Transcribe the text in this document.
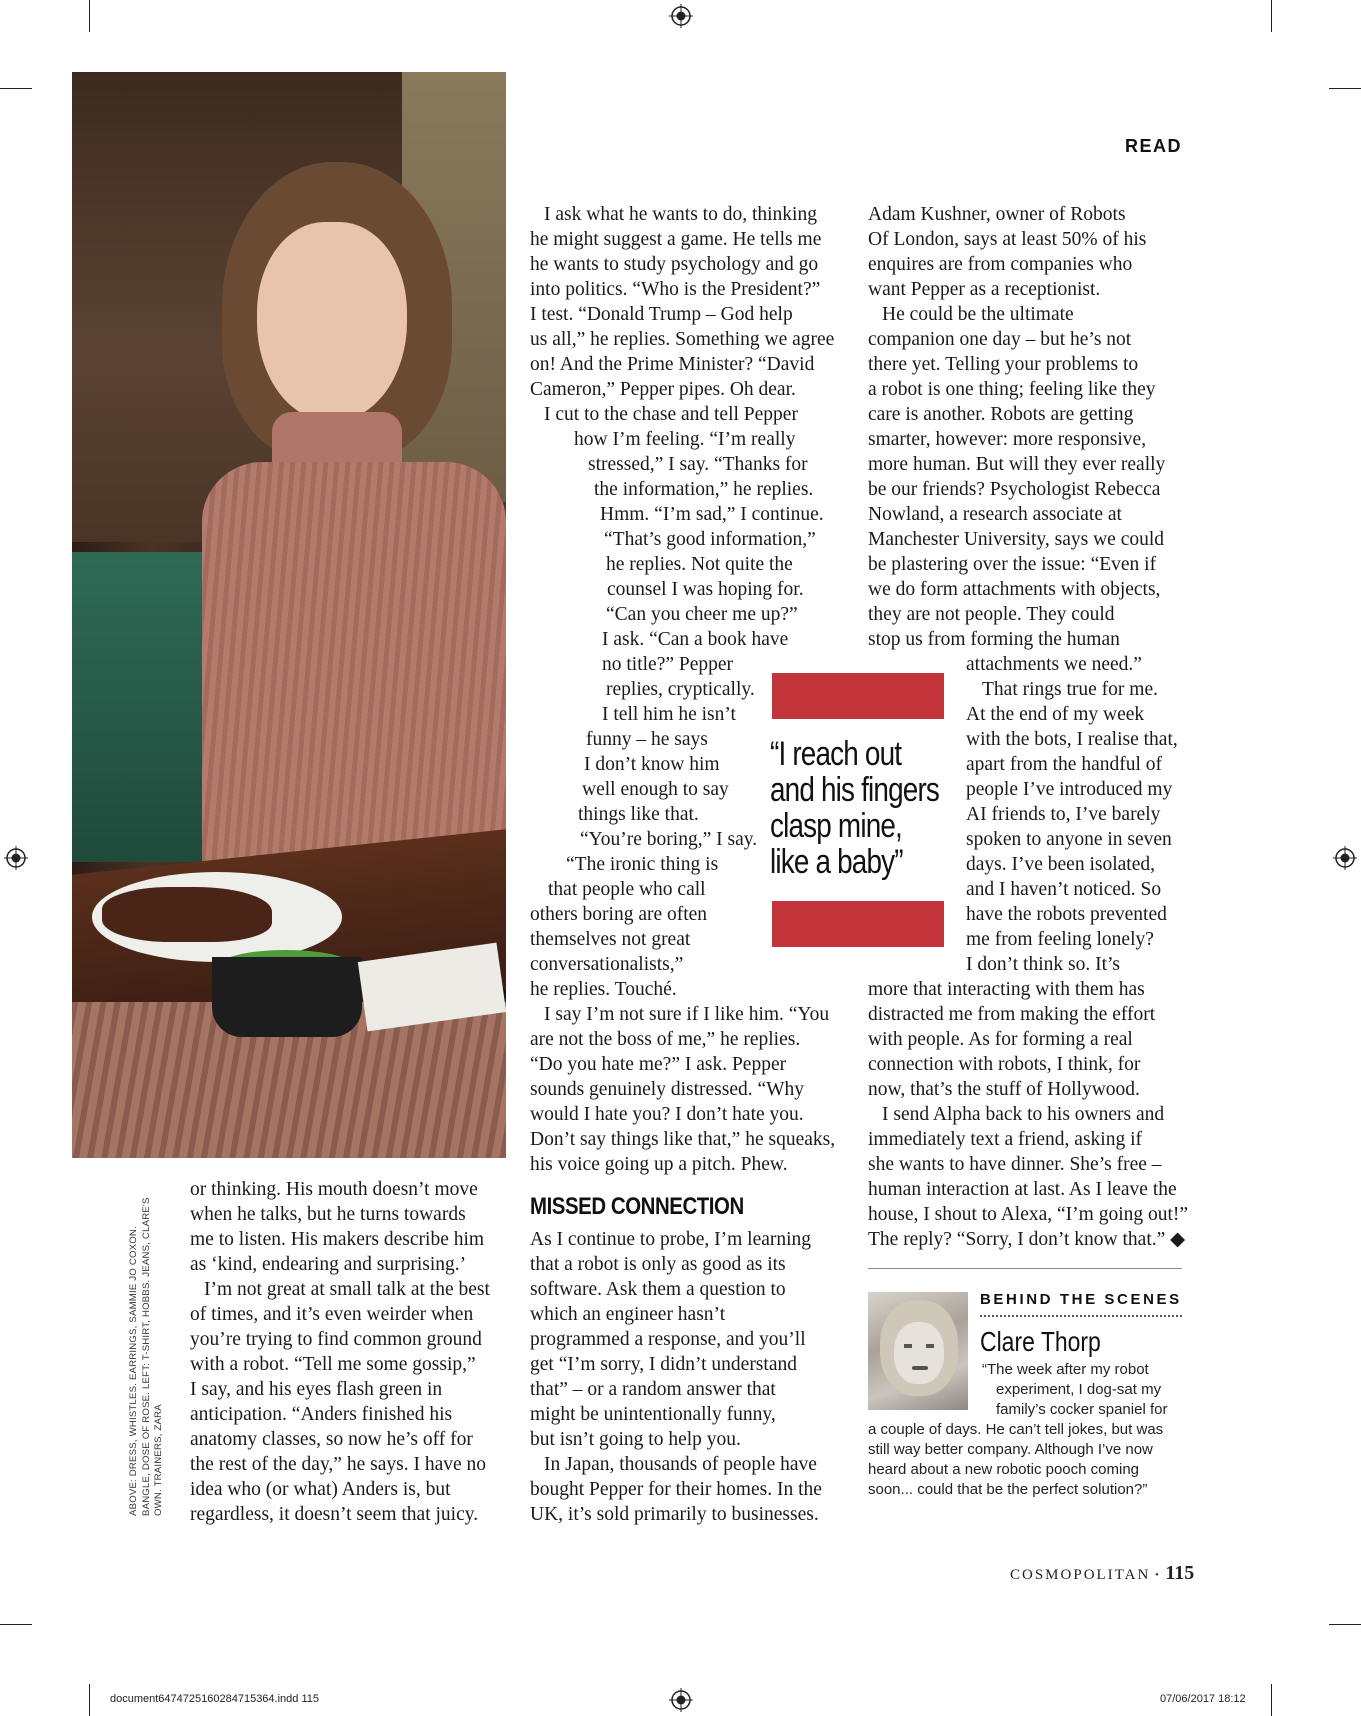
READ
ABOVE: DRESS, WHISTLES. EARRINGS, SAMMIE JO COXON. BANGLE, DOSE OF ROSE. LEFT: T-SHIRT, HOBBS. JEANS, CLARE'S OWN. TRAINERS, ZARA

or thinking. His mouth doesn’t move
when he talks, but he turns towards
me to listen. His makers describe him
as ‘kind, endearing and surprising.’
I’m not great at small talk at the best
of times, and it’s even weirder when
you’re trying to find common ground
with a robot. “Tell me some gossip,”
I say, and his eyes flash green in
anticipation. “Anders finished his
anatomy classes, so now he’s off for
the rest of the day,” he says. I have no
idea who (or what) Anders is, but
regardless, it doesn’t seem that juicy.

I ask what he wants to do, thinking
he might suggest a game. He tells me
he wants to study psychology and go
into politics. “Who is the President?”
I test. “Donald Trump – God help
us all,” he replies. Something we agree
on! And the Prime Minister? “David
Cameron,” Pepper pipes. Oh dear.
I cut to the chase and tell Pepper
how I’m feeling. “I’m really
stressed,” I say. “Thanks for
the information,” he replies.
Hmm. “I’m sad,” I continue.
“That’s good information,”
he replies. Not quite the
counsel I was hoping for.
“Can you cheer me up?”
I ask. “Can a book have
no title?” Pepper
replies, cryptically.
I tell him he isn’t
funny – he says
I don’t know him
well enough to say
things like that.
“You’re boring,” I say.
“The ironic thing is
that people who call
others boring are often
themselves not great
conversationalists,”
he replies. Touché.
I say I’m not sure if I like him. “You
are not the boss of me,” he replies.
“Do you hate me?” I ask. Pepper
sounds genuinely distressed. “Why
would I hate you? I don’t hate you.
Don’t say things like that,” he squeaks,
his voice going up a pitch. Phew.
MISSED CONNECTION
As I continue to probe, I’m learning
that a robot is only as good as its
software. Ask them a question to
which an engineer hasn’t
programmed a response, and you’ll
get “I’m sorry, I didn’t understand
that” – or a random answer that
might be unintentionally funny,
but isn’t going to help you.
In Japan, thousands of people have
bought Pepper for their homes. In the
UK, it’s sold primarily to businesses.
“I reach out
and his fingers
clasp mine,
like a baby”
Adam Kushner, owner of Robots
Of London, says at least 50% of his
enquires are from companies who
want Pepper as a receptionist.
He could be the ultimate
companion one day – but he’s not
there yet. Telling your problems to
a robot is one thing; feeling like they
care is another. Robots are getting
smarter, however: more responsive,
more human. But will they ever really
be our friends? Psychologist Rebecca
Nowland, a research associate at
Manchester University, says we could
be plastering over the issue: “Even if
we do form attachments with objects,
they are not people. They could
stop us from forming the human
attachments we need.”
That rings true for me.
At the end of my week
with the bots, I realise that,
apart from the handful of
people I’ve introduced my
AI friends to, I’ve barely
spoken to anyone in seven
days. I’ve been isolated,
and I haven’t noticed. So
have the robots prevented
me from feeling lonely?
I don’t think so. It’s
more that interacting with them has
distracted me from making the effort
with people. As for forming a real
connection with robots, I think, for
now, that’s the stuff of Hollywood.
I send Alpha back to his owners and
immediately text a friend, asking if
she wants to have dinner. She’s free –
human interaction at last. As I leave the
house, I shout to Alexa, “I’m going out!”
The reply? “Sorry, I don’t know that.” ◆
BEHIND THE SCENES
Clare Thorp
“The week after my robot
experiment, I dog-sat my
family’s cocker spaniel for
a couple of days. He can’t tell jokes, but was
still way better company. Although I’ve now
heard about a new robotic pooch coming
soon... could that be the perfect solution?”
COSMOPOLITAN · 115
document64747251602847153​64.indd 115	07/06/2017 18:12
